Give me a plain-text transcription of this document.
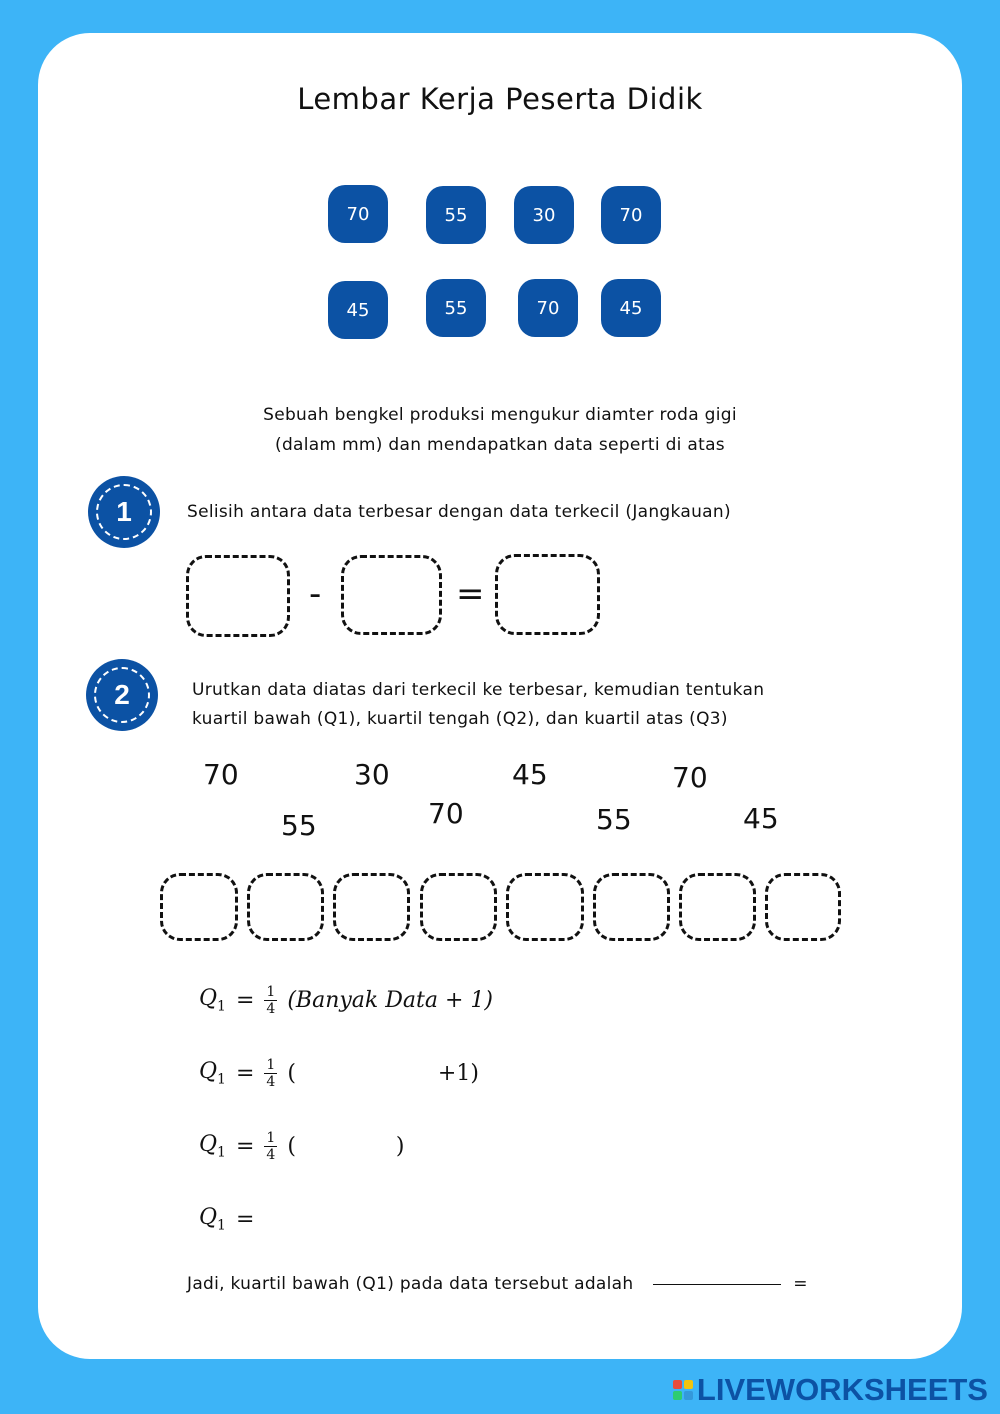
Lembar Kerja Peserta Didik
70	55	30	70
45	55	70	45
Sebuah bengkel produksi mengukur diamter roda gigi
(dalam mm) dan mendapatkan data seperti di atas
1	Selisih antara data terbesar dengan data terkecil (Jangkauan)
-	=
2	Urutkan data diatas dari terkecil ke terbesar, kemudian tentukan
kuartil bawah (Q1), kuartil tengah (Q2), dan kuartil atas (Q3)
70	30	45	70
55	70	55	45
$Q_1 = \frac{1}{4}$ (Banyak Data + 1)
$Q_1 = \frac{1}{4}$ (	+1)
$Q_1 = \frac{1}{4}$ (	)
$Q_1$ =
Jadi, kuartil bawah (Q1) pada data tersebut adalah	=
LIVEWORKSHEETS
